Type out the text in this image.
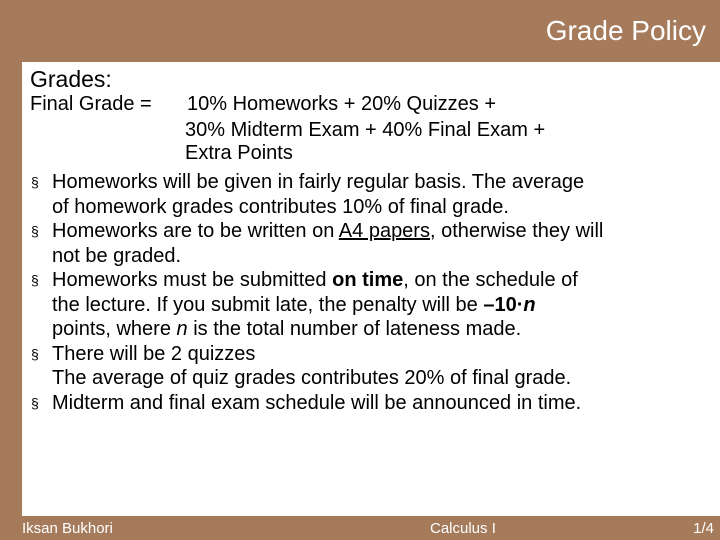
Grade Policy
Grades:
Final Grade = 10% Homeworks + 20% Quizzes +
30% Midterm Exam + 40% Final Exam +
Extra Points
§ Homeworks will be given in fairly regular basis. The average
of homework grades contributes 10% of final grade.
§ Homeworks are to be written on A4 papers, otherwise they will
not be graded.
§ Homeworks must be submitted on time, on the schedule of
the lecture. If you submit late, the penalty will be –10·n
points, where n is the total number of lateness made.
§ There will be 2 quizzes
The average of quiz grades contributes 20% of final grade.
§ Midterm and final exam schedule will be announced in time.
Iksan Bukhori	Calculus I	1/4
